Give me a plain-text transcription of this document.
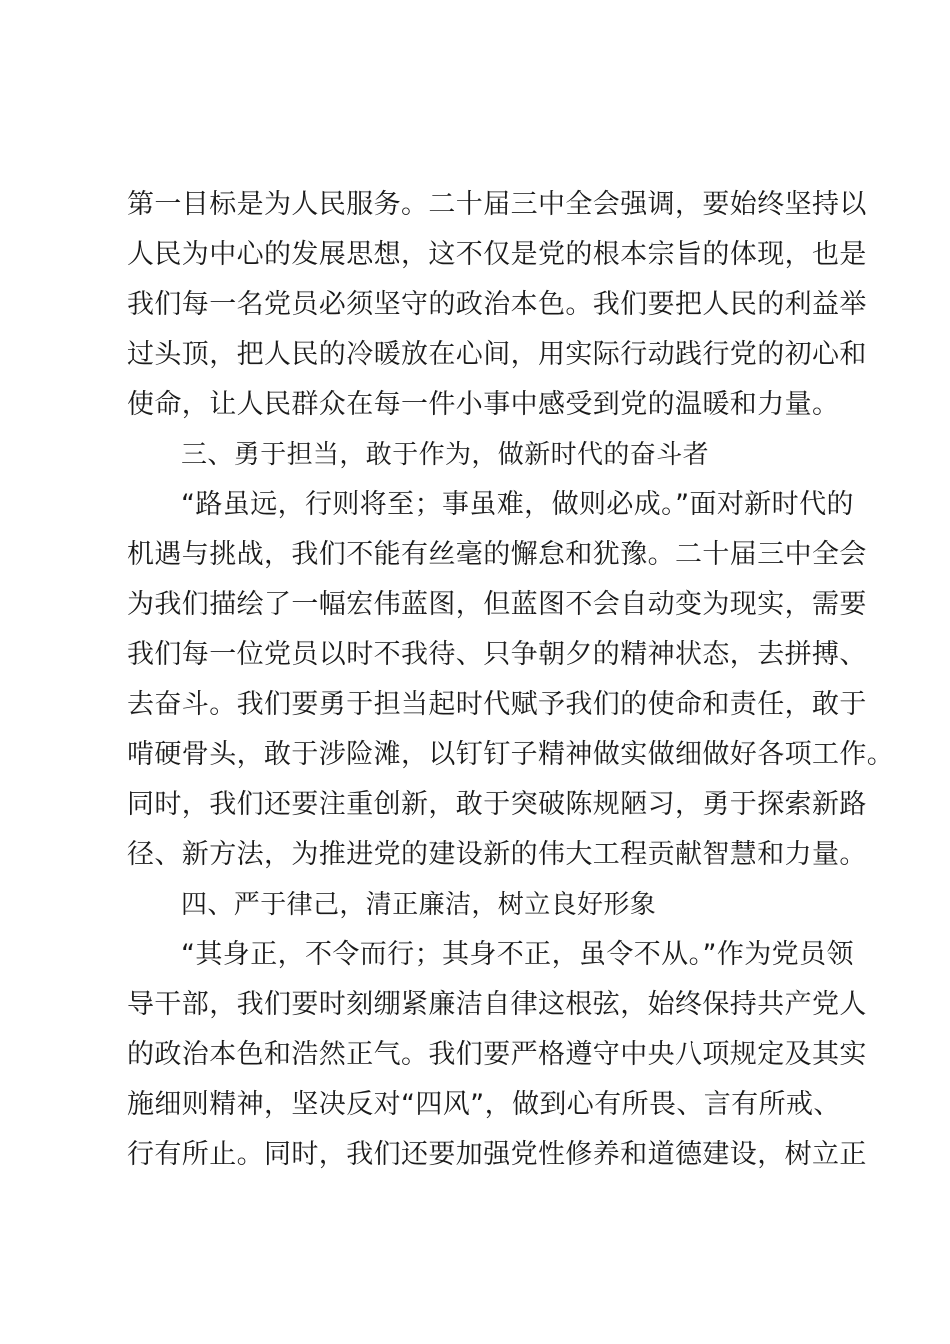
第一目标是为人民服务。二十届三中全会强调，要始终坚持以
人民为中心的发展思想，这不仅是党的根本宗旨的体现，也是
我们每一名党员必须坚守的政治本色。我们要把人民的利益举
过头顶，把人民的冷暖放在心间，用实际行动践行党的初心和
使命，让人民群众在每一件小事中感受到党的温暖和力量。
三、勇于担当，敢于作为，做新时代的奋斗者
“路虽远，行则将至；事虽难，做则必成。”面对新时代的
机遇与挑战，我们不能有丝毫的懈怠和犹豫。二十届三中全会
为我们描绘了一幅宏伟蓝图，但蓝图不会自动变为现实，需要
我们每一位党员以时不我待、只争朝夕的精神状态，去拼搏、
去奋斗。我们要勇于担当起时代赋予我们的使命和责任，敢于
啃硬骨头，敢于涉险滩，以钉钉子精神做实做细做好各项工作。
同时，我们还要注重创新，敢于突破陈规陋习，勇于探索新路
径、新方法，为推进党的建设新的伟大工程贡献智慧和力量。
四、严于律己，清正廉洁，树立良好形象
“其身正，不令而行；其身不正，虽令不从。”作为党员领
导干部，我们要时刻绷紧廉洁自律这根弦，始终保持共产党人
的政治本色和浩然正气。我们要严格遵守中央八项规定及其实
施细则精神，坚决反对“四风”，做到心有所畏、言有所戒、
行有所止。同时，我们还要加强党性修养和道德建设，树立正
